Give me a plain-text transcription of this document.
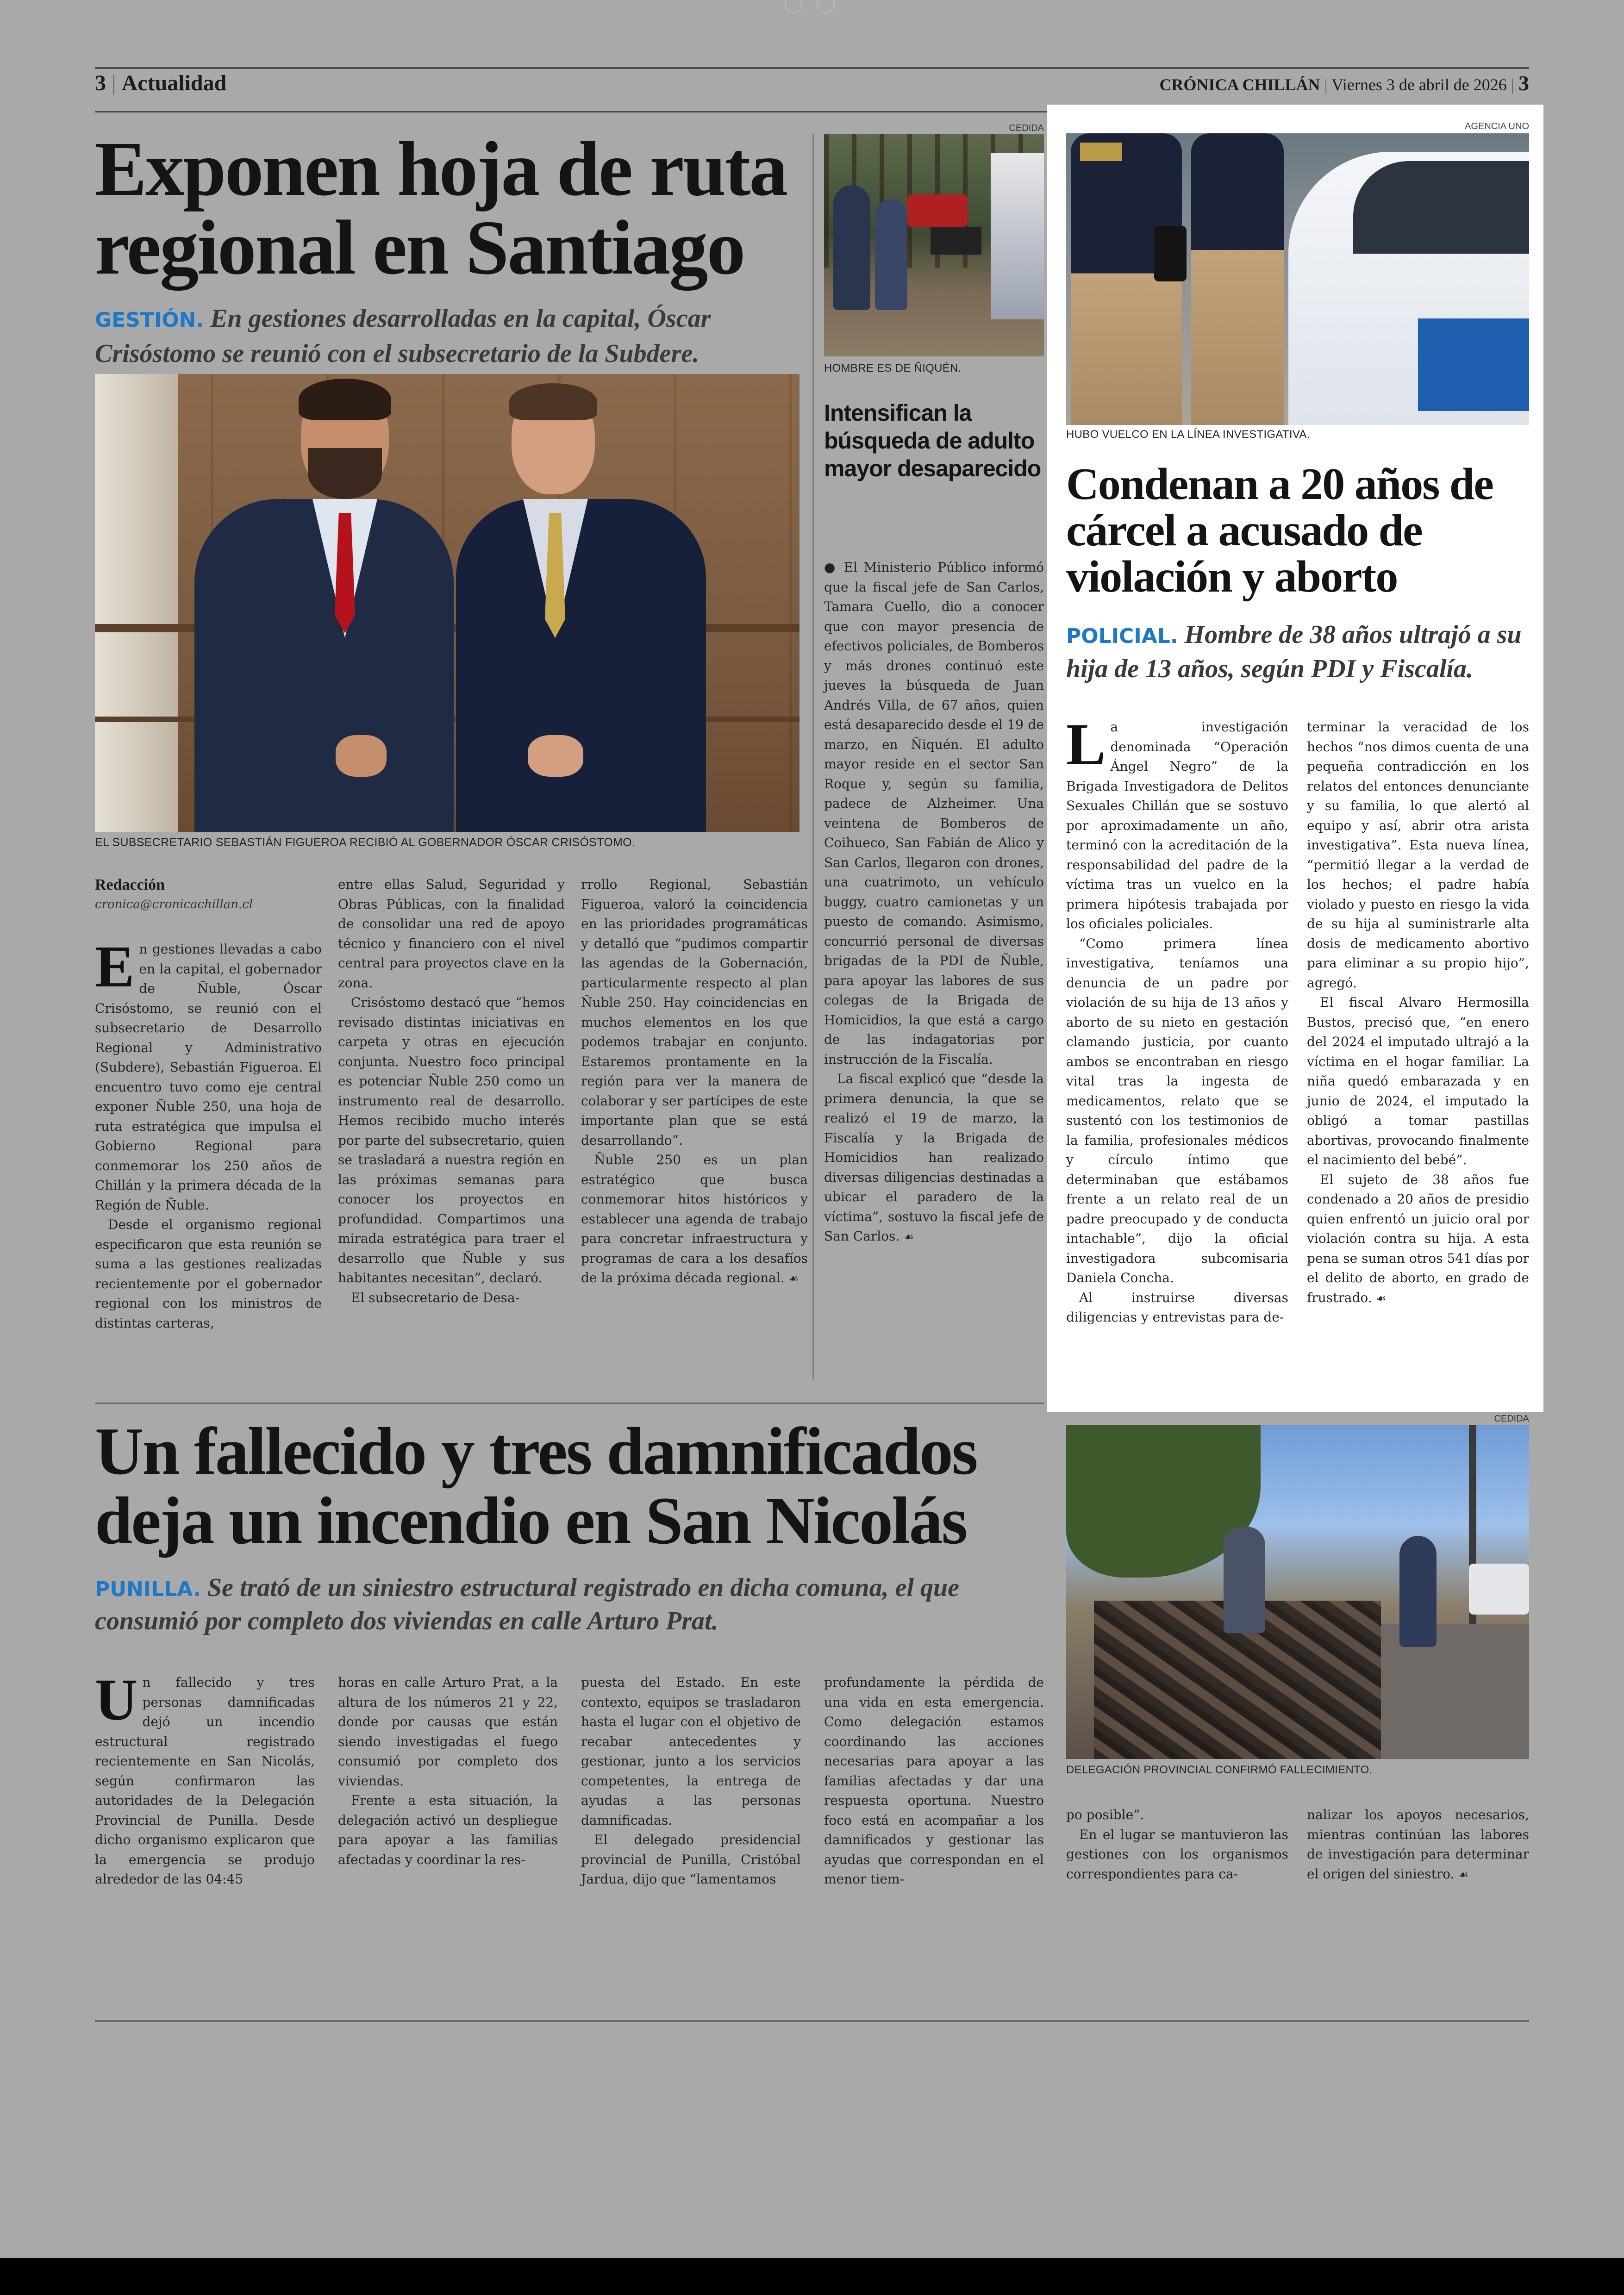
3 | Actualidad	CRÓNICA CHILLÁN | Viernes 3 de abril de 2026 | 3
Exponen hoja de ruta
regional en Santiago
GESTIÓN. En gestiones desarrolladas en la capital, Óscar Crisóstomo se reunió con el subsecretario de la Subdere.
EL SUBSECRETARIO SEBASTIÁN FIGUEROA RECIBIÓ AL GOBERNADOR ÓSCAR CRISÓSTOMO.
Redacción
cronica@cronicachillan.cl

En gestiones llevadas a cabo en la capital, el gobernador de Ñuble, Óscar Crisóstomo, se reunió con el subsecretario de Desarrollo Regional y Administrativo (Subdere), Sebastián Figueroa. El encuentro tuvo como eje central exponer Ñuble 250, una hoja de ruta estratégica que impulsa el Gobierno Regional para conmemorar los 250 años de Chillán y la primera década de la Región de Ñuble.

Desde el organismo regional especificaron que esta reunión se suma a las gestiones realizadas recientemente por el gobernador regional con los ministros de distintas carteras,

entre ellas Salud, Seguridad y Obras Públicas, con la finalidad de consolidar una red de apoyo técnico y financiero con el nivel central para proyectos clave en la zona.

Crisóstomo destacó que “hemos revisado distintas iniciativas en carpeta y otras en ejecución conjunta. Nuestro foco principal es potenciar Ñuble 250 como un instrumento real de desarrollo. Hemos recibido mucho interés por parte del subsecretario, quien se trasladará a nuestra región en las próximas semanas para conocer los proyectos en profundidad. Compartimos una mirada estratégica para traer el desarrollo que Ñuble y sus habitantes necesitan”, declaró.

El subsecretario de Desa-

rrollo Regional, Sebastián Figueroa, valoró la coincidencia en las prioridades programáticas y detalló que “pudimos compartir las agendas de la Gobernación, particularmente respecto al plan Ñuble 250. Hay coincidencias en muchos elementos en los que podemos trabajar en conjunto. Estaremos prontamente en la región para ver la manera de colaborar y ser partícipes de este importante plan que se está desarrollando”.

Ñuble 250 es un plan estratégico que busca conmemorar hitos históricos y establecer una agenda de trabajo para concretar infraestructura y programas de cara a los desafíos de la próxima década regional. ☙

CEDIDA
HOMBRE ES DE ÑIQUÉN.
Intensifican la búsqueda de adulto mayor desaparecido

● El Ministerio Público informó que la fiscal jefe de San Carlos, Tamara Cuello, dio a conocer que con mayor presencia de efectivos policiales, de Bomberos y más drones continuó este jueves la búsqueda de Juan Andrés Villa, de 67 años, quien está desaparecido desde el 19 de marzo, en Ñiquén. El adulto mayor reside en el sector San Roque y, según su familia, padece de Alzheimer. Una veintena de Bomberos de Coihueco, San Fabián de Alico y San Carlos, llegaron con drones, una cuatrimoto, un vehículo buggy, cuatro camionetas y un puesto de comando. Asimismo, concurrió personal de diversas brigadas de la PDI de Ñuble, para apoyar las labores de sus colegas de la Brigada de Homicidios, la que está a cargo de las indagatorias por instrucción de la Fiscalía.

La fiscal explicó que “desde la primera denuncia, la que se realizó el 19 de marzo, la Fiscalía y la Brigada de Homicidios han realizado diversas diligencias destinadas a ubicar el paradero de la víctima”, sostuvo la fiscal jefe de San Carlos. ☙

AGENCIA UNO
HUBO VUELCO EN LA LÍNEA INVESTIGATIVA.
Condenan a 20 años de
cárcel a acusado de
violación y aborto
POLICIAL. Hombre de 38 años ultrajó a su hija de 13 años, según PDI y Fiscalía.

La investigación denominada “Operación Ángel Negro” de la Brigada Investigadora de Delitos Sexuales Chillán que se sostuvo por aproximadamente un año, terminó con la acreditación de la responsabilidad del padre de la víctima tras un vuelco en la primera hipótesis trabajada por los oficiales policiales.

“Como primera línea investigativa, teníamos una denuncia de un padre por violación de su hija de 13 años y aborto de su nieto en gestación clamando justicia, por cuanto ambos se encontraban en riesgo vital tras la ingesta de medicamentos, relato que se sustentó con los testimonios de la familia, profesionales médicos y círculo íntimo que determinaban que estábamos frente a un relato real de un padre preocupado y de conducta intachable”, dijo la oficial investigadora subcomisaria Daniela Concha.

Al instruirse diversas diligencias y entrevistas para de-

terminar la veracidad de los hechos “nos dimos cuenta de una pequeña contradicción en los relatos del entonces denunciante y su familia, lo que alertó al equipo y así, abrir otra arista investigativa”. Esta nueva línea, “permitió llegar a la verdad de los hechos; el padre había violado y puesto en riesgo la vida de su hija al suministrarle alta dosis de medicamento abortivo para eliminar a su propio hijo”, agregó.

El fiscal Alvaro Hermosilla Bustos, precisó que, “en enero del 2024 el imputado ultrajó a la víctima en el hogar familiar. La niña quedó embarazada y en junio de 2024, el imputado la obligó a tomar pastillas abortivas, provocando finalmente el nacimiento del bebé”.

El sujeto de 38 años fue condenado a 20 años de presidio quien enfrentó un juicio oral por violación contra su hija. A esta pena se suman otros 541 días por el delito de aborto, en grado de frustrado. ☙

Un fallecido y tres damnificados
deja un incendio en San Nicolás
PUNILLA. Se trató de un siniestro estructural registrado en dicha comuna, el que consumió por completo dos viviendas en calle Arturo Prat.
CEDIDA
DELEGACIÓN PROVINCIAL CONFIRMÓ FALLECIMIENTO.

Un fallecido y tres personas damnificadas dejó un incendio estructural registrado recientemente en San Nicolás, según confirmaron las autoridades de la Delegación Provincial de Punilla. Desde dicho organismo explicaron que la emergencia se produjo alrededor de las 04:45

horas en calle Arturo Prat, a la altura de los números 21 y 22, donde por causas que están siendo investigadas el fuego consumió por completo dos viviendas.

Frente a esta situación, la delegación activó un despliegue para apoyar a las familias afectadas y coordinar la res-

puesta del Estado. En este contexto, equipos se trasladaron hasta el lugar con el objetivo de recabar antecedentes y gestionar, junto a los servicios competentes, la entrega de ayudas a las personas damnificadas.

El delegado presidencial provincial de Punilla, Cristóbal Jardua, dijo que “lamentamos

profundamente la pérdida de una vida en esta emergencia. Como delegación estamos coordinando las acciones necesarias para apoyar a las familias afectadas y dar una respuesta oportuna. Nuestro foco está en acompañar a los damnificados y gestionar las ayudas que correspondan en el menor tiem-

po posible”.

En el lugar se mantuvieron las gestiones con los organismos correspondientes para ca-

nalizar los apoyos necesarios, mientras continúan las labores de investigación para determinar el origen del siniestro. ☙
